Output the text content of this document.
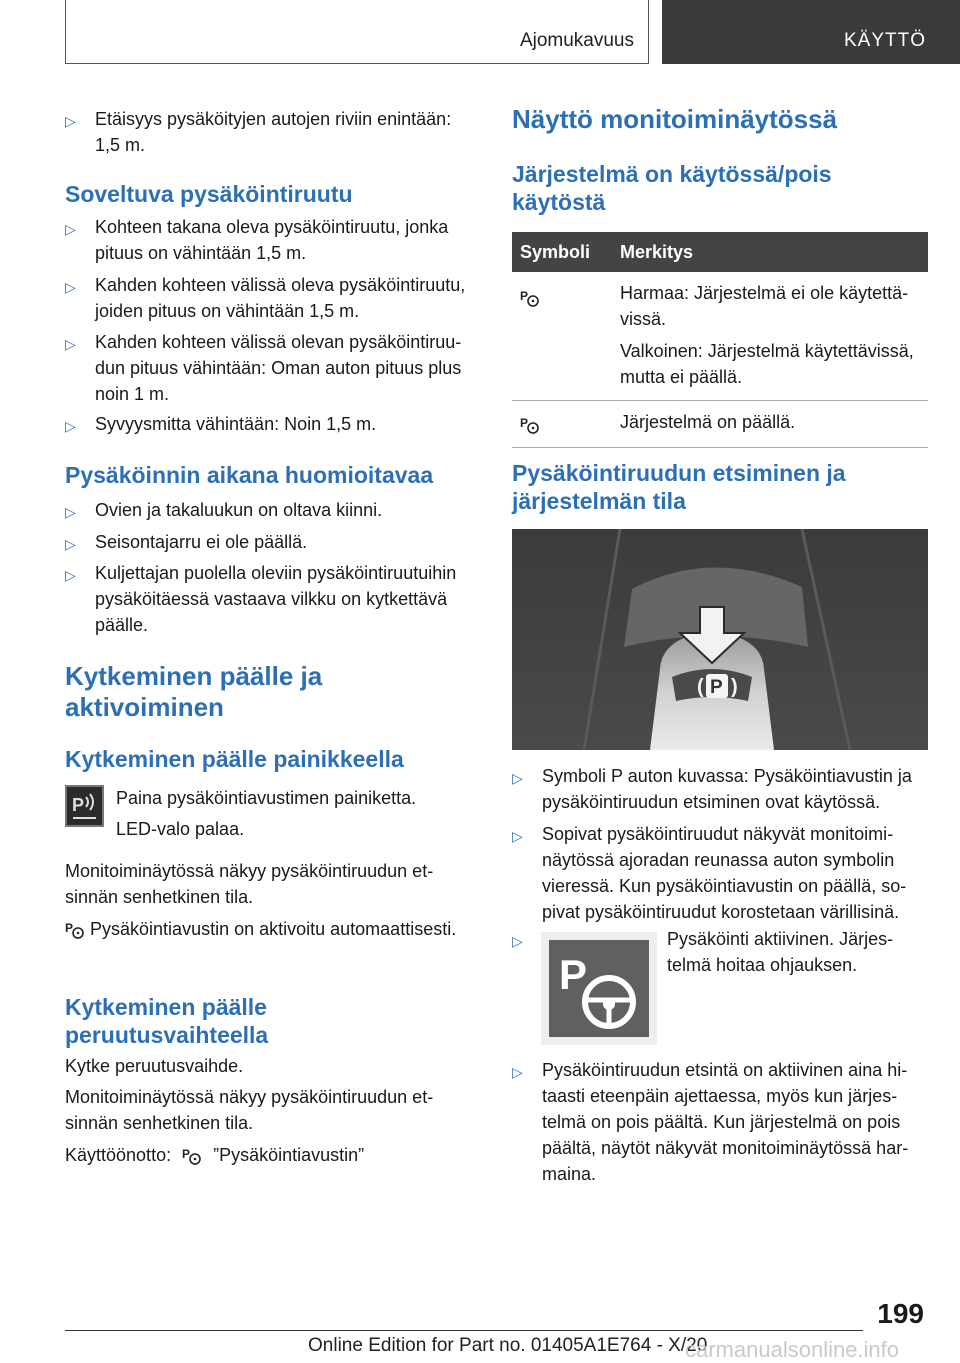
Ajomukavuus	KÄYTTÖ
▷ Etäisyys pysäköityjen autojen riviin enintään: 1,5 m.
Soveltuva pysäköintiruutu
▷ Kohteen takana oleva pysäköintiruutu, jonka pituus on vähintään 1,5 m.
▷ Kahden kohteen välissä oleva pysäköintiruutu, joiden pituus on vähintään 1,5 m.
▷ Kahden kohteen välissä olevan pysäköintiruudun pituus vähintään: Oman auton pituus plus noin 1 m.
▷ Syvyysmitta vähintään: Noin 1,5 m.
Pysäköinnin aikana huomioitavaa
▷ Ovien ja takaluukun on oltava kiinni.
▷ Seisontajarru ei ole päällä.
▷ Kuljettajan puolella oleviin pysäköintiruutuihin pysäköitäessä vastaava vilkku on kytkettävä päälle.
Kytkeminen päälle ja aktivoiminen
Kytkeminen päälle painikkeella
P Paina pysäköintiavustimen painiketta.
LED-valo palaa.
Monitoiminäytössä näkyy pysäköintiruudun etsinnän senhetkinen tila.
P Pysäköintiavustin on aktivoitu automaattisesti.
Kytkeminen päälle peruutusvaihteella
Kytke peruutusvaihde.
Monitoiminäytössä näkyy pysäköintiruudun etsinnän senhetkinen tila.
Käyttöönotto: P ”Pysäköintiavustin”
Näyttö monitoiminäytössä
Järjestelmä on käytössä/pois käytöstä
Symboli	Merkitys

P	Harmaa: Järjestelmä ei ole käytettävissä.
Valkoinen: Järjestelmä käytettävissä, mutta ei päällä.

P	Järjestelmä on päällä.
Pysäköintiruudun etsiminen ja järjestelmän tila
( P )
▷ Symboli P auton kuvassa: Pysäköintiavustin ja pysäköintiruudun etsiminen ovat käytössä.
▷ Sopivat pysäköintiruudut näkyvät monitoiminäytössä ajoradan reunassa auton symbolin vieressä. Kun pysäköintiavustin on päällä, sopivat pysäköintiruudut korostetaan värillisinä.
▷
P
Pysäköinti aktiivinen. Järjestelmä hoitaa ohjauksen.
▷ Pysäköintiruudun etsintä on aktiivinen aina hitaasti eteenpäin ajettaessa, myös kun järjestelmä on pois päältä. Kun järjestelmä on pois päältä, näytöt näkyvät monitoiminäytössä harmaina.
199
Online Edition for Part no. 01405A1E764 - X/20
carmanualsonline.info
